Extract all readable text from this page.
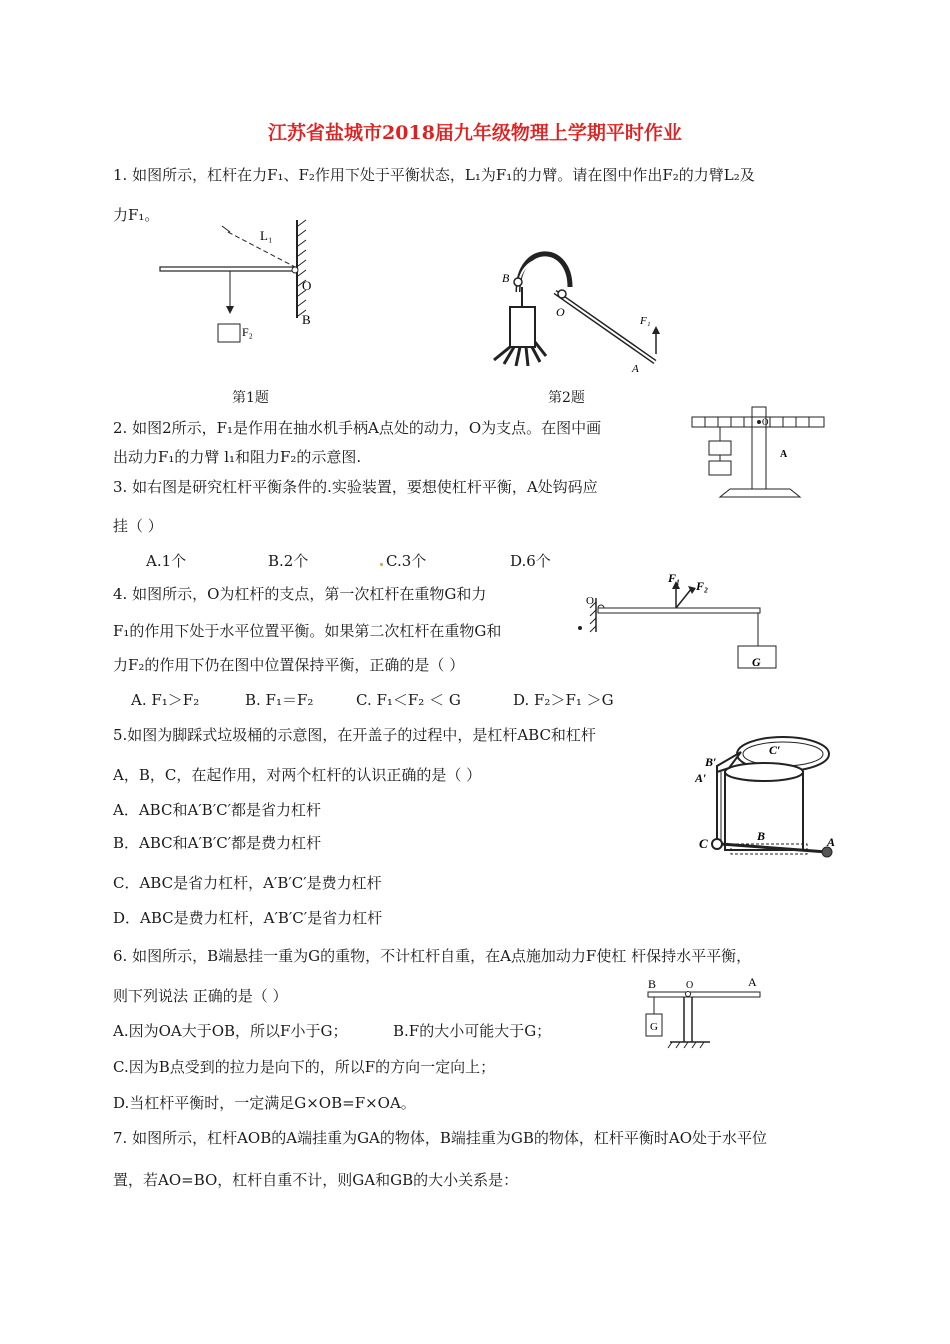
江苏省盐城市2018届九年级物理上学期平时作业
1. 如图所示，杠杆在力F₁、F₂作用下处于平衡状态，L₁为F₁的力臂。请在图中作出F₂的力臂L₂及
力F₁。
L₁
O
B
F₂
第1题
B
O
F₁
A
第2题
2. 如图2所示，F₁是作用在抽水机手柄A点处的动力，O为支点。在图中画
出动力F₁的力臂 l₁和阻力F₂的示意图.
O
A
3. 如右图是研究杠杆平衡条件的.实验装置，要想使杠杆平衡，A处钩码应
挂（ ）
A.1个	B.2个	C.3个	D.6个
O
F₁
F₂
G
4. 如图所示，O为杠杆的支点，第一次杠杆在重物G和力
F₁的作用下处于水平位置平衡。如果第二次杠杆在重物G和
力F₂的作用下仍在图中位置保持平衡，正确的是（ ）
A. F₁＞F₂	B. F₁＝F₂	C. F₁＜F₂ ＜ G	D. F₂＞F₁ ＞G
C′
B′
A′
C	B	A
5.如图为脚踩式垃圾桶的示意图，在开盖子的过程中，是杠杆ABC和杠杆
A，B，C，在起作用，对两个杠杆的认识正确的是（ ）
A．ABC和A′B′C′都是省力杠杆
B．ABC和A′B′C′都是费力杠杆
C．ABC是省力杠杆，A′B′C′是费力杠杆
D．ABC是费力杠杆，A′B′C′是省力杠杆
6. 如图所示，B端悬挂一重为G的重物，不计杠杆自重，在A点施加动力F使杠 杆保持水平平衡，
则下列说法 正确的是（ ）
B	O	A
G
A.因为OA大于OB，所以F小于G；	B.F的大小可能大于G；
C.因为B点受到的拉力是向下的，所以F的方向一定向上；
D.当杠杆平衡时，一定满足G×OB=F×OA。
7. 如图所示，杠杆AOB的A端挂重为GA的物体，B端挂重为GB的物体，杠杆平衡时AO处于水平位
置，若AO=BO，杠杆自重不计，则GA和GB的大小关系是：
